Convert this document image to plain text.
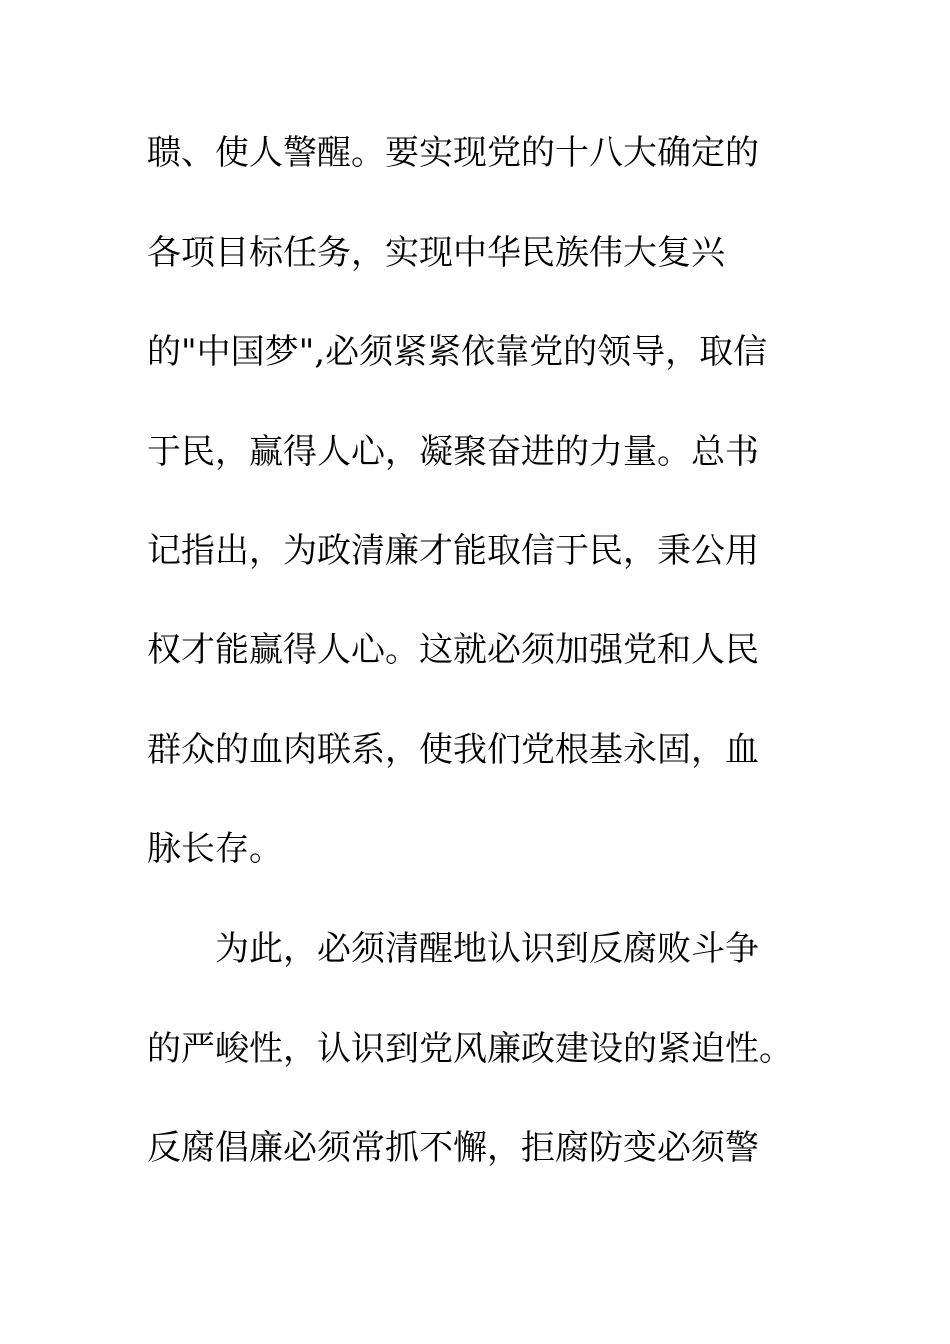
聩、使人警醒。要实现党的十八大确定的

各项目标任务，实现中华民族伟大复兴

的"中国梦",必须紧紧依靠党的领导，取信

于民，赢得人心，凝聚奋进的力量。总书

记指出，为政清廉才能取信于民，秉公用

权才能赢得人心。这就必须加强党和人民

群众的血肉联系，使我们党根基永固，血

脉长存。

为此，必须清醒地认识到反腐败斗争

的严峻性，认识到党风廉政建设的紧迫性。

反腐倡廉必须常抓不懈，拒腐防变必须警
